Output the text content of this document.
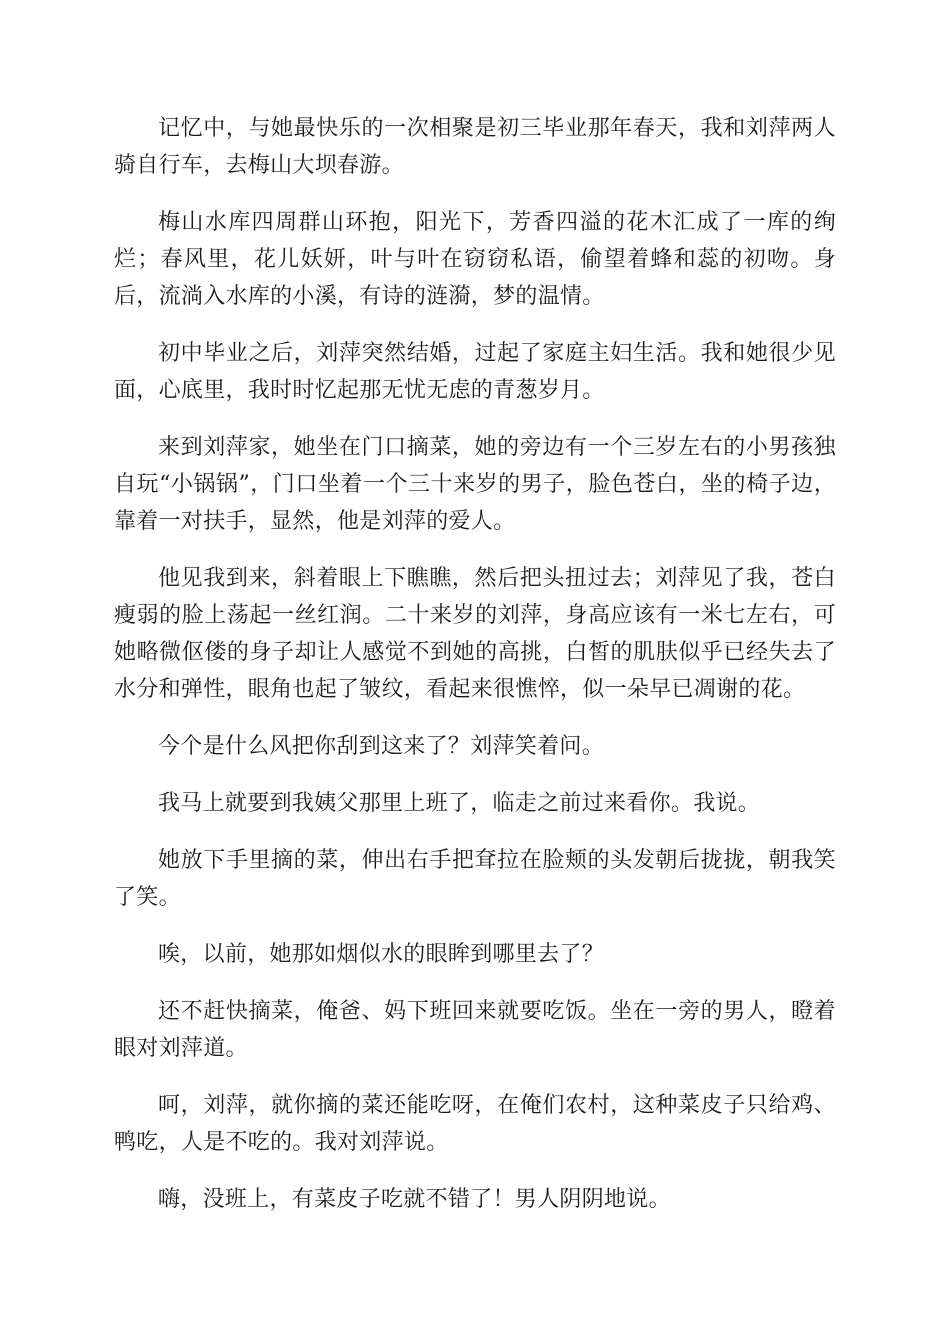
记忆中，与她最快乐的一次相聚是初三毕业那年春天，我和刘萍两人骑自行车，去梅山大坝春游。

梅山水库四周群山环抱，阳光下，芳香四溢的花木汇成了一库的绚烂；春风里，花儿妖妍，叶与叶在窃窃私语，偷望着蜂和蕊的初吻。身后，流淌入水库的小溪，有诗的涟漪，梦的温情。

初中毕业之后，刘萍突然结婚，过起了家庭主妇生活。我和她很少见面，心底里，我时时忆起那无忧无虑的青葱岁月。

来到刘萍家，她坐在门口摘菜，她的旁边有一个三岁左右的小男孩独自玩“小锅锅”，门口坐着一个三十来岁的男子，脸色苍白，坐的椅子边，靠着一对扶手，显然，他是刘萍的爱人。

他见我到来，斜着眼上下瞧瞧，然后把头扭过去；刘萍见了我，苍白瘦弱的脸上荡起一丝红润。二十来岁的刘萍，身高应该有一米七左右，可她略微伛偻的身子却让人感觉不到她的高挑，白皙的肌肤似乎已经失去了水分和弹性，眼角也起了皱纹，看起来很憔悴，似一朵早已凋谢的花。

今个是什么风把你刮到这来了？刘萍笑着问。

我马上就要到我姨父那里上班了，临走之前过来看你。我说。

她放下手里摘的菜，伸出右手把耷拉在脸颊的头发朝后拢拢，朝我笑了笑。

唉，以前，她那如烟似水的眼眸到哪里去了？

还不赶快摘菜，俺爸、妈下班回来就要吃饭。坐在一旁的男人，瞪着眼对刘萍道。

呵，刘萍，就你摘的菜还能吃呀，在俺们农村，这种菜皮子只给鸡、鸭吃，人是不吃的。我对刘萍说。

嗨，没班上，有菜皮子吃就不错了！男人阴阴地说。
